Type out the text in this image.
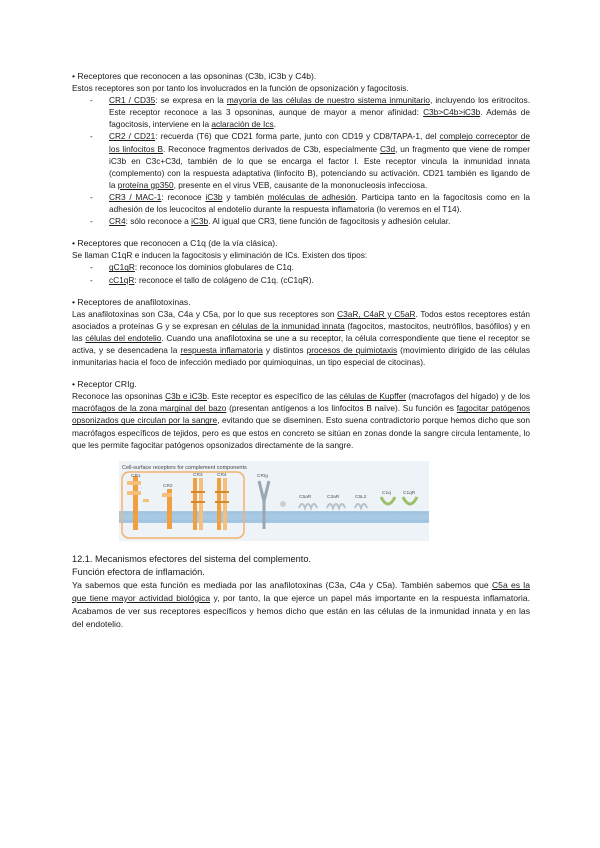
• Receptores que reconocen a las opsoninas (C3b, iC3b y C4b).

Estos receptores son por tanto los involucrados en la función de opsonización y fagocitosis.

- CR1 / CD35: se expresa en la mayoría de las células de nuestro sistema inmunitario, incluyendo los eritrocitos. Este receptor reconoce a las 3 opsoninas, aunque de mayor a menor afinidad: C3b>C4b>iC3b. Además de fagocitosis, interviene en la aclaración de Ics.
- CR2 / CD21: recuerda (T6) que CD21 forma parte, junto con CD19 y CD8/TAPA-1, del complejo correceptor de los linfocitos B. Reconoce fragmentos derivados de C3b, especialmente C3d, un fragmento que viene de romper iC3b en C3c+C3d, también de lo que se encarga el factor I. Este receptor vincula la inmunidad innata (complemento) con la respuesta adaptativa (linfocito B), potenciando su activación. CD21 también es ligando de la proteína gp350, presente en el virus VEB, causante de la mononucleosis infecciosa.
- CR3 / MAC-1: reconoce iC3b y también moléculas de adhesión. Participa tanto en la fagocitosis como en la adhesión de los leucocitos al endotelio durante la respuesta inflamatoria (lo veremos en el T14).
- CR4: sólo reconoce a iC3b. Al igual que CR3, tiene función de fagocitosis y adhesión celular.

• Receptores que reconocen a C1q (de la vía clásica).

Se llaman C1qR e inducen la fagocitosis y eliminación de ICs. Existen dos tipos:

- gC1qR: reconoce los dominios globulares de C1q.
- cC1qR: reconoce el tallo de colágeno de C1q. (cC1qR).

• Receptores de anafilotoxinas.

Las anafilotoxinas son C3a, C4a y C5a, por lo que sus receptores son C3aR, C4aR y C5aR. Todos estos receptores están asociados a proteínas G y se expresan en células de la inmunidad innata (fagocitos, mastocitos, neutrófilos, basófilos) y en las células del endotelio. Cuando una anafilotoxina se une a su receptor, la célula correspondiente que tiene el receptor se activa, y se desencadena la respuesta inflamatoria y distintos procesos de quimiotaxis (movimiento dirigido de las células inmunitarias hacia el foco de infección mediado por quimioquinas, un tipo especial de citocinas).

• Receptor CRIg.

Reconoce las opsoninas C3b e iC3b. Este receptor es específico de las células de Kupffer (macrofagos del hígado) y de los macrófagos de la zona marginal del bazo (presentan antígenos a los linfocitos B naïve). Su función es fagocitar patógenos opsonizados que circulan por la sangre, evitando que se diseminen. Esto suena contradictorio porque hemos dicho que son macrófagos específicos de tejidos, pero es que estos en concreto se sitúan en zonas donde la sangre circula lentamente, lo que les permite fagocitar patógenos opsonizados directamente de la sangre.

Cell-surface receptors for complement components
CR1
CR2
CR3	CR4	CRIg
C5aR	C3aR	C5L2
C1q	C1qR

12.1. Mecanismos efectores del sistema del complemento.

Función efectora de inflamación.

Ya sabemos que esta función es mediada por las anafilotoxinas (C3a, C4a y C5a). También sabemos que C5a es la que tiene mayor actividad biológica y, por tanto, la que ejerce un papel más importante en la respuesta inflamatoria. Acabamos de ver sus receptores específicos y hemos dicho que están en las células de la inmunidad innata y en las del endotelio.
